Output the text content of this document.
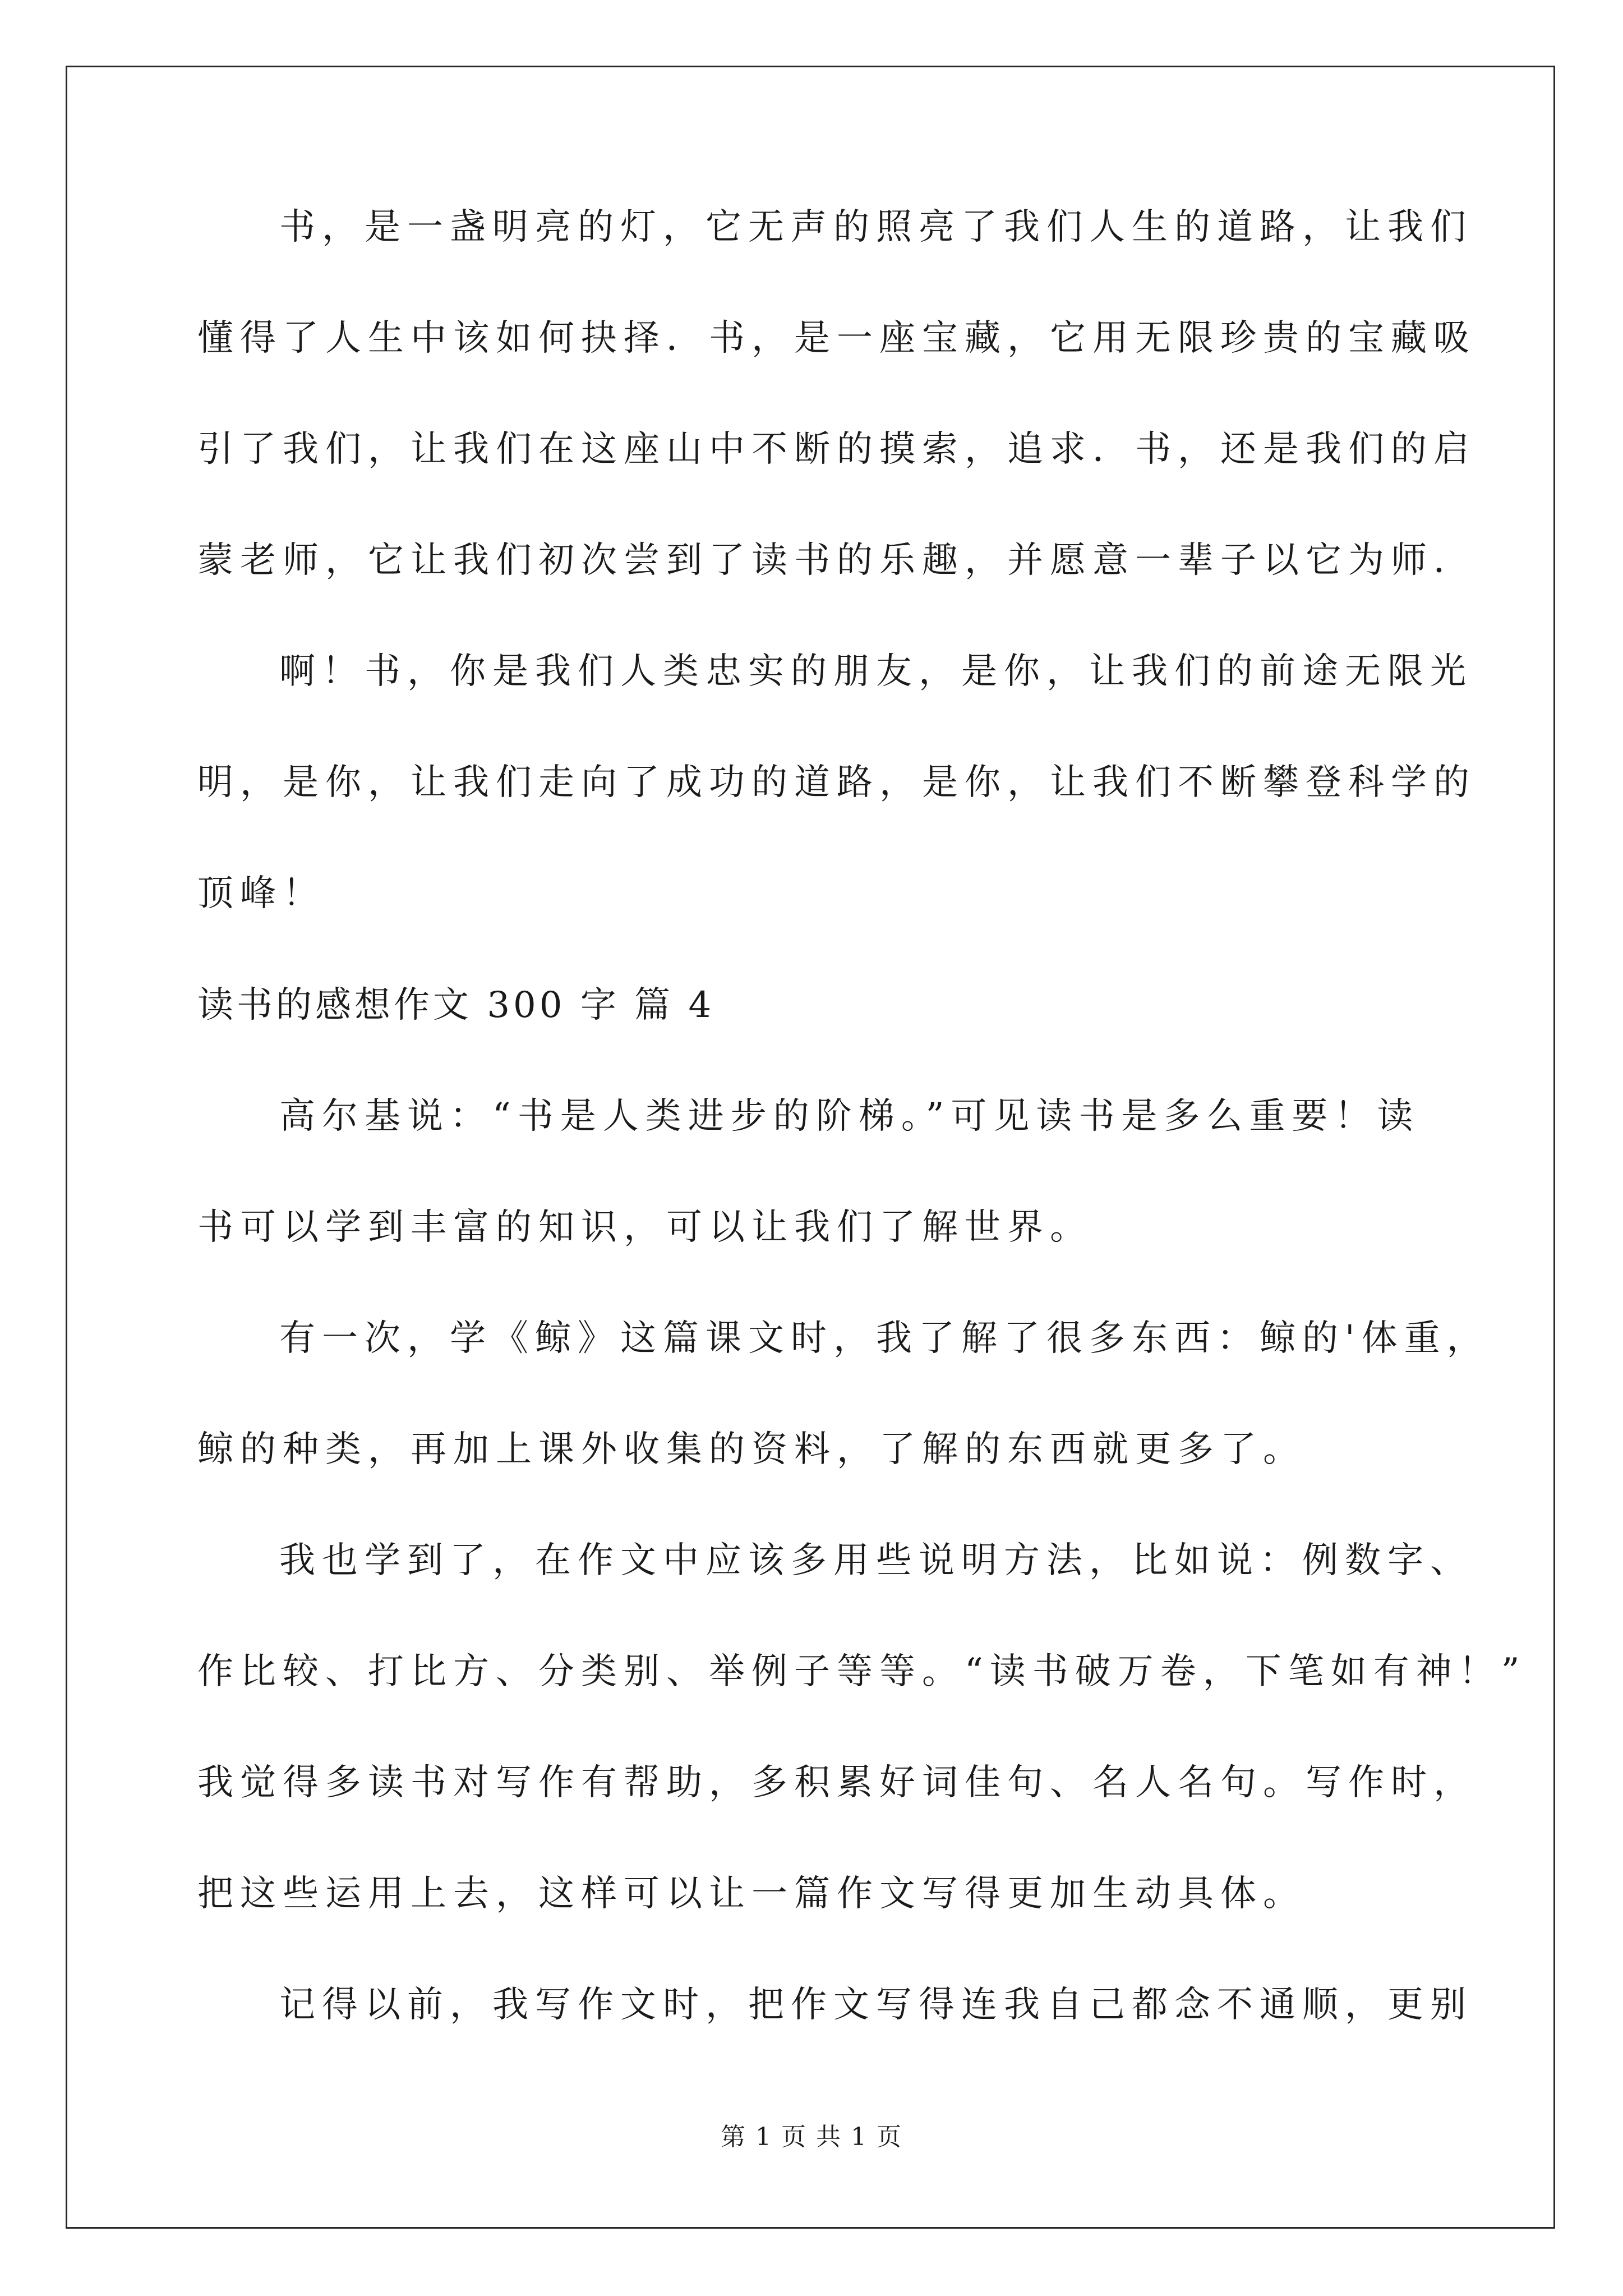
书，是一盏明亮的灯，它无声的照亮了我们人生的道路，让我们
懂得了人生中该如何抉择．书，是一座宝藏，它用无限珍贵的宝藏吸
引了我们，让我们在这座山中不断的摸索，追求．书，还是我们的启
蒙老师，它让我们初次尝到了读书的乐趣，并愿意一辈子以它为师．
啊！书，你是我们人类忠实的朋友，是你，让我们的前途无限光
明，是你，让我们走向了成功的道路，是你，让我们不断攀登科学的
顶峰！
读书的感想作文 300 字 篇 4
高尔基说：“书是人类进步的阶梯。”可见读书是多么重要！读
书可以学到丰富的知识，可以让我们了解世界。
有一次，学《鲸》这篇课文时，我了解了很多东西：鲸的'体重，
鲸的种类，再加上课外收集的资料，了解的东西就更多了。
我也学到了，在作文中应该多用些说明方法，比如说：例数字、
作比较、打比方、分类别、举例子等等。“读书破万卷，下笔如有神！”
我觉得多读书对写作有帮助，多积累好词佳句、名人名句。写作时，
把这些运用上去，这样可以让一篇作文写得更加生动具体。
记得以前，我写作文时，把作文写得连我自己都念不通顺，更别
第 1 页 共 1 页
